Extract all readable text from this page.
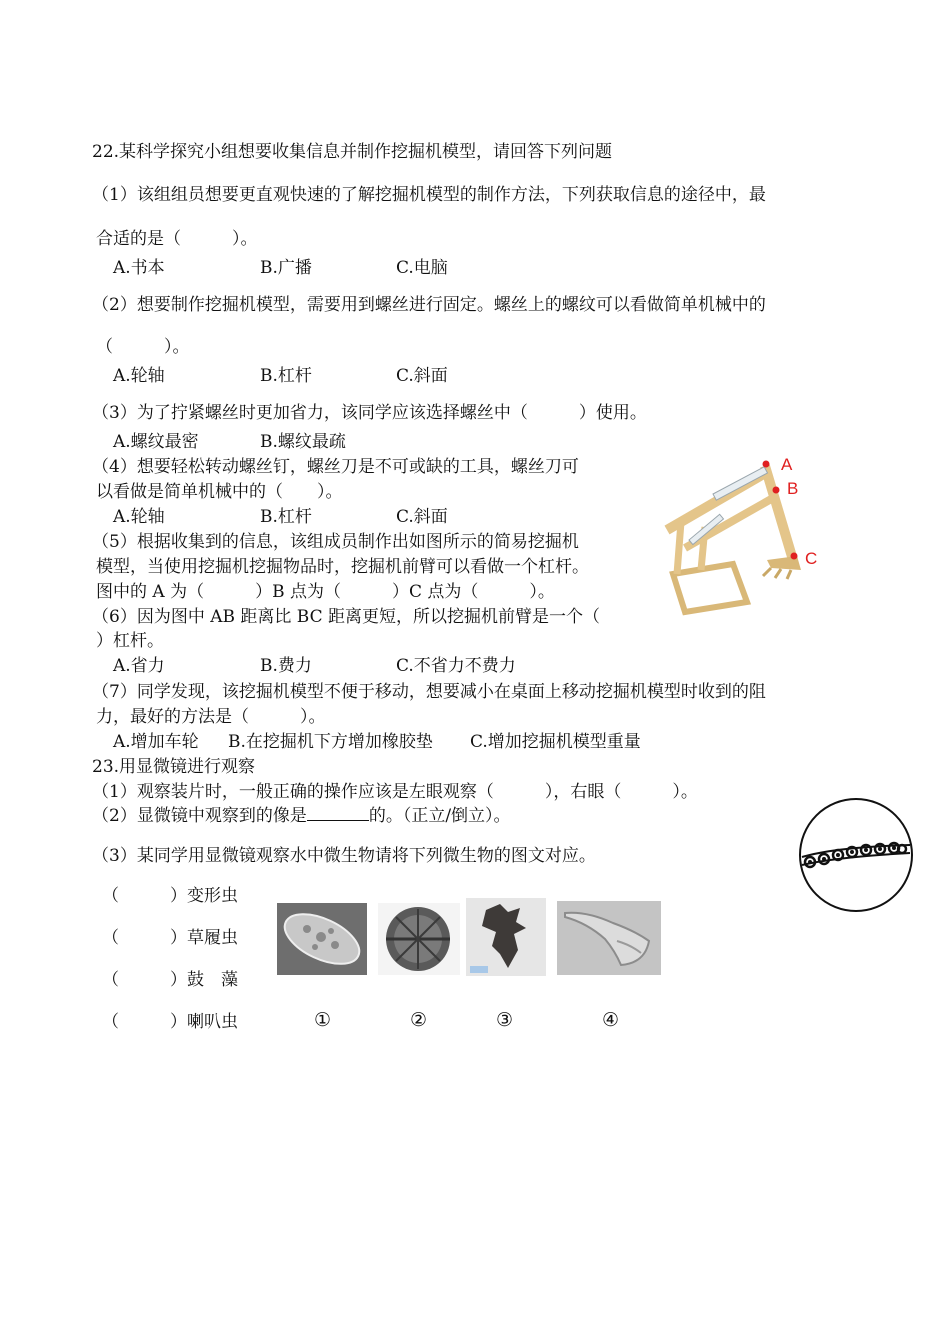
22.某科学探究小组想要收集信息并制作挖掘机模型，请回答下列问题
（1）该组组员想要更直观快速的了解挖掘机模型的制作方法，下列获取信息的途径中，最
合适的是（　　　）。
A.书本	B.广播	C.电脑
（2）想要制作挖掘机模型，需要用到螺丝进行固定。螺丝上的螺纹可以看做简单机械中的
（　　　）。
A.轮轴	B.杠杆	C.斜面
（3）为了拧紧螺丝时更加省力，该同学应该选择螺丝中（　　　）使用。
A.螺纹最密	B.螺纹最疏
（4）想要轻松转动螺丝钉，螺丝刀是不可或缺的工具，螺丝刀可
以看做是简单机械中的（　　）。
A.轮轴	B.杠杆	C.斜面
（5）根据收集到的信息，该组成员制作出如图所示的简易挖掘机
模型，当使用挖掘机挖掘物品时，挖掘机前臂可以看做一个杠杆。
图中的 A 为（　　　）B 点为（　　　）C 点为（　　　）。
（6）因为图中 AB 距离比 BC 距离更短，所以挖掘机前臂是一个（
）杠杆。
A.省力	B.费力	C.不省力不费力
（7）同学发现，该挖掘机模型不便于移动，想要减小在桌面上移动挖掘机模型时收到的阻
力，最好的方法是（　　　）。
A.增加车轮 B.在挖掘机下方增加橡胶垫 C.增加挖掘机模型重量
A
B
C
23.用显微镜进行观察
（1）观察装片时，一般正确的操作应该是左眼观察（　　　），右眼（　　　）。
（2）显微镜中观察到的像是	的。（正立/倒立）。
（3）某同学用显微镜观察水中微生物请将下列微生物的图文对应。
（　　　）变形虫
（　　　）草履虫
（　　　）鼓　藻
（　　　）喇叭虫	①	②	③	④
